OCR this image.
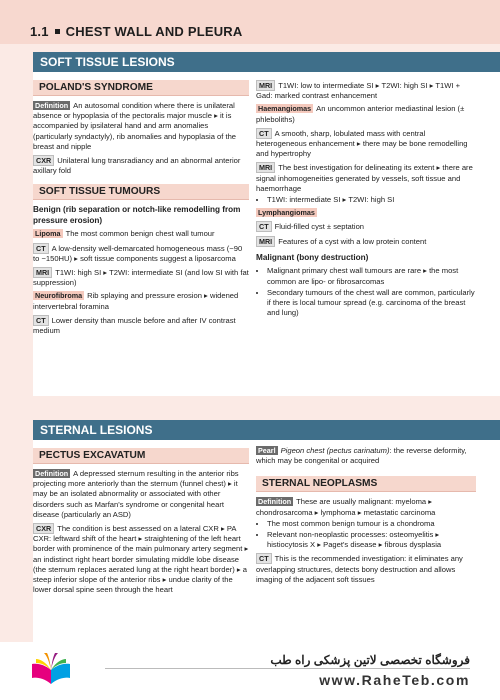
1.1 CHEST WALL AND PLEURA
SOFT TISSUE LESIONS
POLAND'S SYNDROME

Definition An autosomal condition where there is unilateral absence or hypoplasia of the pectoralis major muscle ▸ it is accompanied by ipsilateral hand and arm anomalies (particularly syndactyly), rib anomalies and hypoplasia of the breast and nipple

CXR Unilateral lung transradiancy and an abnormal anterior axillary fold

SOFT TISSUE TUMOURS
Benign (rib separation or notch-like remodelling from pressure erosion)

Lipoma The most common benign chest wall tumour

CT A low-density well-demarcated homogeneous mass (−90 to −150HU) ▸ soft tissue components suggest a liposarcoma

MRI T1WI: high SI ▸ T2WI: intermediate SI (and low SI with fat suppression)

Neurofibroma Rib splaying and pressure erosion ▸ widened intervertebral foramina

CT Lower density than muscle before and after IV contrast medium

MRI T1WI: low to intermediate SI ▸ T2WI: high SI ▸ T1WI + Gad: marked contrast enhancement

Haemangiomas An uncommon anterior mediastinal lesion (± phleboliths)

CT A smooth, sharp, lobulated mass with central heterogeneous enhancement ▸ there may be bone remodelling and hypertrophy

MRI The best investigation for delineating its extent ▸ there are signal inhomogeneities generated by vessels, soft tissue and haemorrhage

• T1WI: intermediate SI ▸ T2WI: high SI

Lymphangiomas

CT Fluid-filled cyst ± septation

MRI Features of a cyst with a low protein content

Malignant (bony destruction)
• Malignant primary chest wall tumours are rare ▸ the most common are lipo- or fibrosarcomas
• Secondary tumours of the chest wall are common, particularly if there is local tumour spread (e.g. carcinoma of the breast and lung)
STERNAL LESIONS
PECTUS EXCAVATUM

Definition A depressed sternum resulting in the anterior ribs projecting more anteriorly than the sternum (funnel chest) ▸ it may be an isolated abnormality or associated with other disorders such as Marfan's syndrome or congenital heart disease (particularly an ASD)

CXR The condition is best assessed on a lateral CXR ▸ PA CXR: leftward shift of the heart ▸ straightening of the left heart border with prominence of the main pulmonary artery segment ▸ an indistinct right heart border simulating middle lobe disease (the sternum replaces aerated lung at the right heart border) ▸ a steep inferior slope of the anterior ribs ▸ undue clarity of the lower dorsal spine seen through the heart

Pearl Pigeon chest (pectus carinatum): the reverse deformity, which may be congenital or acquired

STERNAL NEOPLASMS

Definition These are usually malignant: myeloma ▸ chondrosarcoma ▸ lymphoma ▸ metastatic carcinoma

• The most common benign tumour is a chondroma
• Relevant non-neoplastic processes: osteomyelitis ▸ histiocytosis X ▸ Paget's disease ▸ fibrous dysplasia

CT This is the recommended investigation: it eliminates any overlapping structures, detects bony destruction and allows imaging of the adjacent soft tissues

فروشگاه تخصصی لاتین پزشکی راه طب
www.RaheTeb.com
